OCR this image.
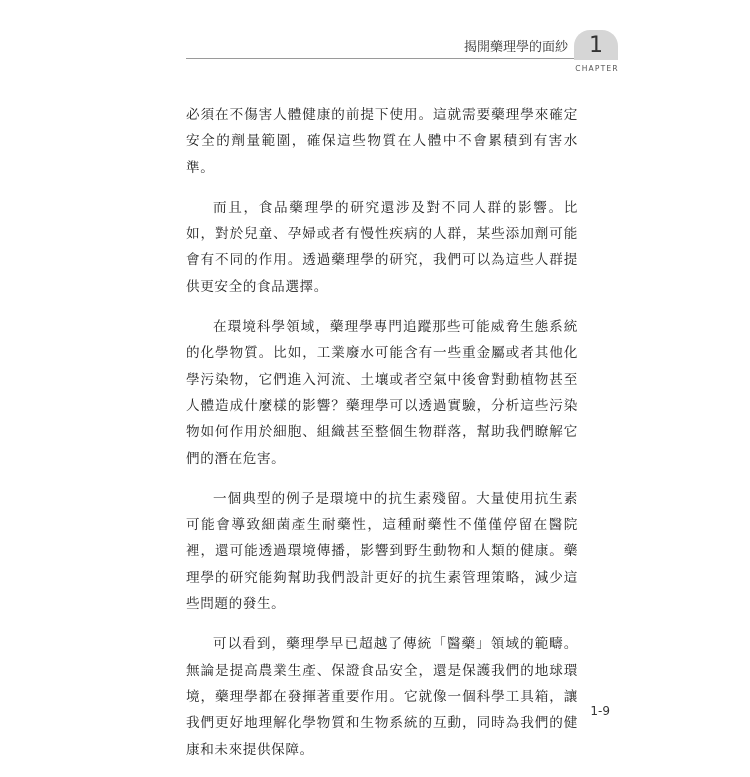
揭開藥理學的面紗 1
CHAPTER

必須在不傷害人體健康的前提下使用。這就需要藥理學來確定安全的劑量範圍，確保這些物質在人體中不會累積到有害水準。

而且，食品藥理學的研究還涉及對不同人群的影響。比如，對於兒童、孕婦或者有慢性疾病的人群，某些添加劑可能會有不同的作用。透過藥理學的研究，我們可以為這些人群提供更安全的食品選擇。

在環境科學領域，藥理學專門追蹤那些可能威脅生態系統的化學物質。比如，工業廢水可能含有一些重金屬或者其他化學污染物，它們進入河流、土壤或者空氣中後會對動植物甚至人體造成什麼樣的影響？藥理學可以透過實驗，分析這些污染物如何作用於細胞、組織甚至整個生物群落，幫助我們瞭解它們的潛在危害。

一個典型的例子是環境中的抗生素殘留。大量使用抗生素可能會導致細菌產生耐藥性，這種耐藥性不僅僅停留在醫院裡，還可能透過環境傳播，影響到野生動物和人類的健康。藥理學的研究能夠幫助我們設計更好的抗生素管理策略，減少這些問題的發生。

可以看到，藥理學早已超越了傳統「醫藥」領域的範疇。無論是提高農業生產、保證食品安全，還是保護我們的地球環境，藥理學都在發揮著重要作用。它就像一個科學工具箱，讓我們更好地理解化學物質和生物系統的互動，同時為我們的健康和未來提供保障。

1-9
